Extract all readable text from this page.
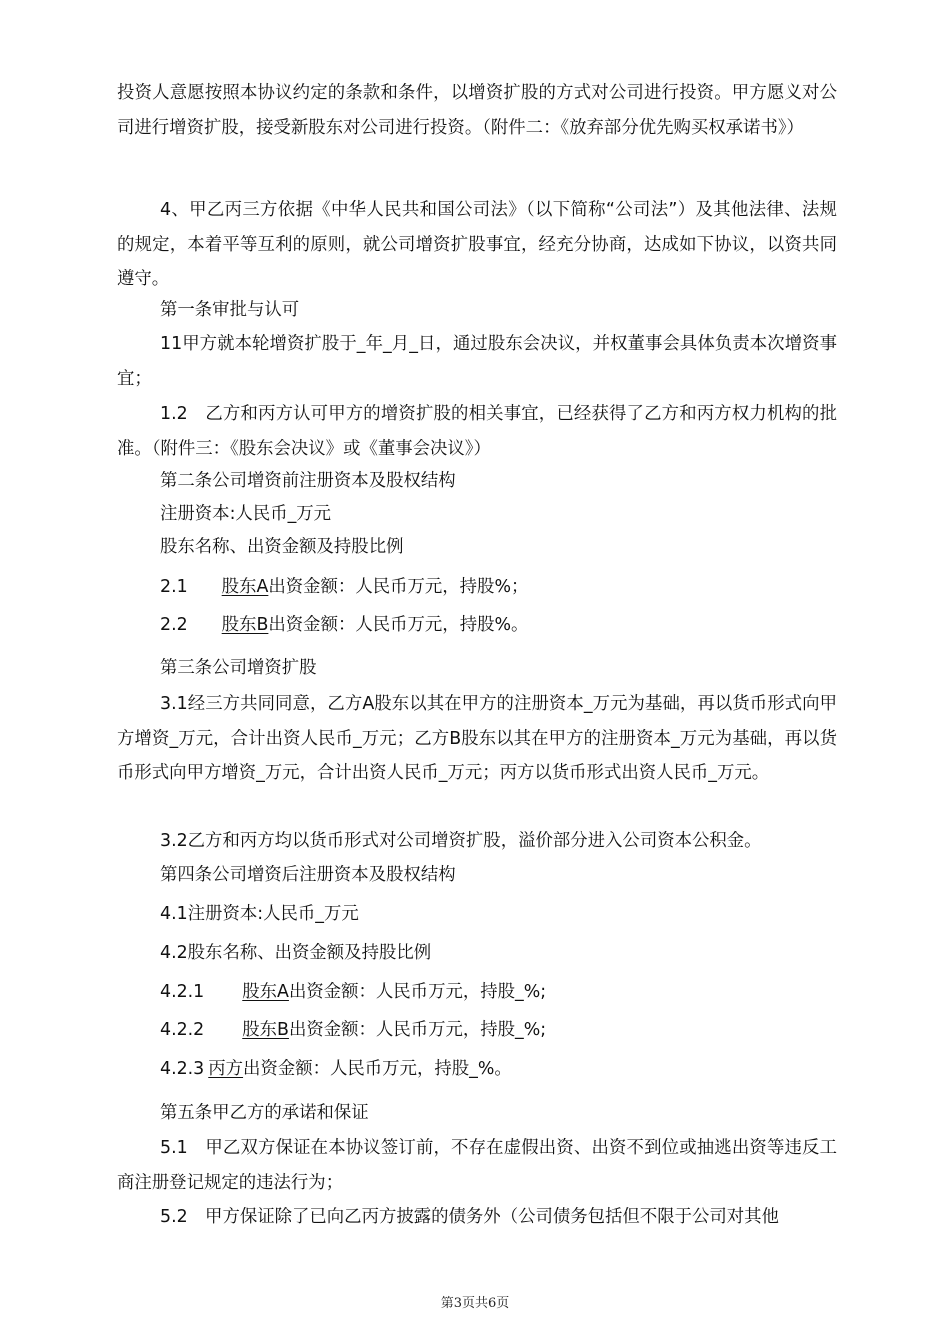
投资人意愿按照本协议约定的条款和条件，以增资扩股的方式对公司进行投资。甲方愿义对公司进行增资扩股，接受新股东对公司进行投资。（附件二：《放弃部分优先购买权承诺书》）

4、甲乙丙三方依据《中华人民共和国公司法》（以下简称“公司法”）及其他法律、法规的规定，本着平等互利的原则，就公司增资扩股事宜，经充分协商，达成如下协议，以资共同遵守。

第一条审批与认可

11甲方就本轮增资扩股于_年_月_日，通过股东会决议，并权董事会具体负责本次增资事宜；

1.2　乙方和丙方认可甲方的增资扩股的相关事宜，已经获得了乙方和丙方权力机构的批准。（附件三：《股东会决议》或《董事会决议》）

第二条公司增资前注册资本及股权结构
注册资本:人民币_万元
股东名称、出资金额及持股比例
2.1 股东A出资金额：人民币万元，持股%；
2.2 股东B出资金额：人民币万元，持股%。
第三条公司增资扩股

3.1经三方共同同意，乙方A股东以其在甲方的注册资本_万元为基础，再以货币形式向甲方增资_万元，合计出资人民币_万元；乙方B股东以其在甲方的注册资本_万元为基础，再以货币形式向甲方增资_万元，合计出资人民币_万元；丙方以货币形式出资人民币_万元。

3.2乙方和丙方均以货币形式对公司增资扩股，溢价部分进入公司资本公积金。
第四条公司增资后注册资本及股权结构
4.1注册资本:人民币_万元
4.2股东名称、出资金额及持股比例
4.2.1 股东A出资金额：人民币万元，持股_%;
4.2.2 股东B出资金额：人民币万元，持股_%;
4.2.3 丙方出资金额：人民币万元，持股_%。
第五条甲乙方的承诺和保证

5.1　甲乙双方保证在本协议签订前，不存在虚假出资、出资不到位或抽逃出资等违反工商注册登记规定的违法行为；

5.2　甲方保证除了已向乙丙方披露的债务外（公司债务包括但不限于公司对其他
第3页共6页
